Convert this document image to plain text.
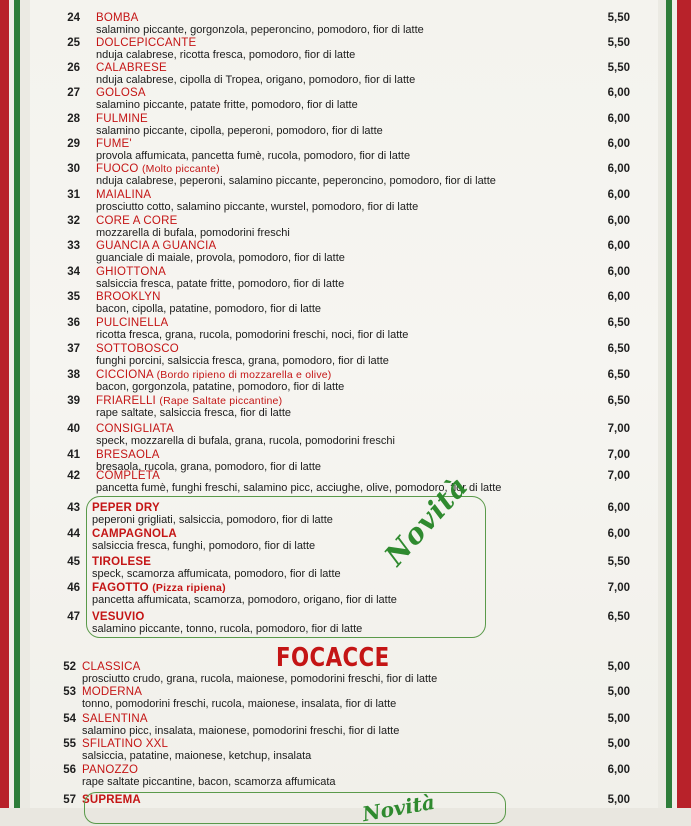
24 BOMBA
salamino piccante, gorgonzola, peperoncino, pomodoro, fior di latte
5,50
25 DOLCEPICCANTE
nduja calabrese, ricotta fresca, pomodoro, fior di latte
5,50
26 CALABRESE
nduja calabrese, cipolla di Tropea, origano, pomodoro, fior di latte
5,50
27 GOLOSA
salamino piccante, patate fritte, pomodoro, fior di latte
6,00
28 FULMINE
salamino piccante, cipolla, peperoni, pomodoro, fior di latte
6,00
29 FUME'
provola affumicata, pancetta fumè, rucola, pomodoro, fior di latte
6,00
30 FUOCO (Molto piccante)
nduja calabrese, peperoni, salamino piccante, peperoncino, pomodoro, fior di latte
6,00
31 MAIALINA
prosciutto cotto, salamino piccante, wurstel, pomodoro, fior di latte
6,00
32 CORE A CORE
mozzarella di bufala, pomodorini freschi
6,00
33 GUANCIA A GUANCIA
guanciale di maiale, provola, pomodoro, fior di latte
6,00
34 GHIOTTONA
salsiccia fresca, patate fritte, pomodoro, fior di latte
6,00
35 BROOKLYN
bacon, cipolla, patatine, pomodoro, fior di latte
6,00
36 PULCINELLA
ricotta fresca, grana, rucola, pomodorini freschi, noci, fior di latte
6,50
37 SOTTOBOSCO
funghi porcini, salsiccia fresca, grana, pomodoro, fior di latte
6,50
38 CICCIONA (Bordo ripieno di mozzarella e olive)
bacon, gorgonzola, patatine, pomodoro, fior di latte
6,50
39 FRIARELLI (Rape Saltate piccantine)
rape saltate, salsiccia fresca, fior di latte
6,50
40 CONSIGLIATA
speck, mozzarella di bufala, grana, rucola, pomodorini freschi
7,00
41 BRESAOLA
bresaola, rucola, grana, pomodoro, fior di latte
7,00
42 COMPLETA
pancetta fumè, funghi freschi, salamino picc, acciughe, olive, pomodoro, fior di latte
7,00
43 PEPER DRY
peperoni grigliati, salsiccia, pomodoro, fior di latte
6,00
44 CAMPAGNOLA
salsiccia fresca, funghi, pomodoro, fior di latte
6,00
45 TIROLESE
speck, scamorza affumicata, pomodoro, fior di latte
5,50
46 FAGOTTO (Pizza ripiena)
pancetta affumicata, scamorza, pomodoro, origano, fior di latte
7,00
47 VESUVIO
salamino piccante, tonno, rucola, pomodoro, fior di latte
6,50
Novità
FOCACCE
52 CLASSICA
prosciutto crudo, grana, rucola, maionese, pomodorini freschi, fior di latte
5,00
53 MODERNA
tonno, pomodorini freschi, rucola, maionese, insalata, fior di latte
5,00
54 SALENTINA
salamino picc, insalata, maionese, pomodorini freschi, fior di latte
5,00
55 SFILATINO XXL
salsiccia, patatine, maionese, ketchup, insalata
5,00
56 PANOZZO
rape saltate piccantine, bacon, scamorza affumicata
6,00
57 SUPREMA	5,00
Novità
